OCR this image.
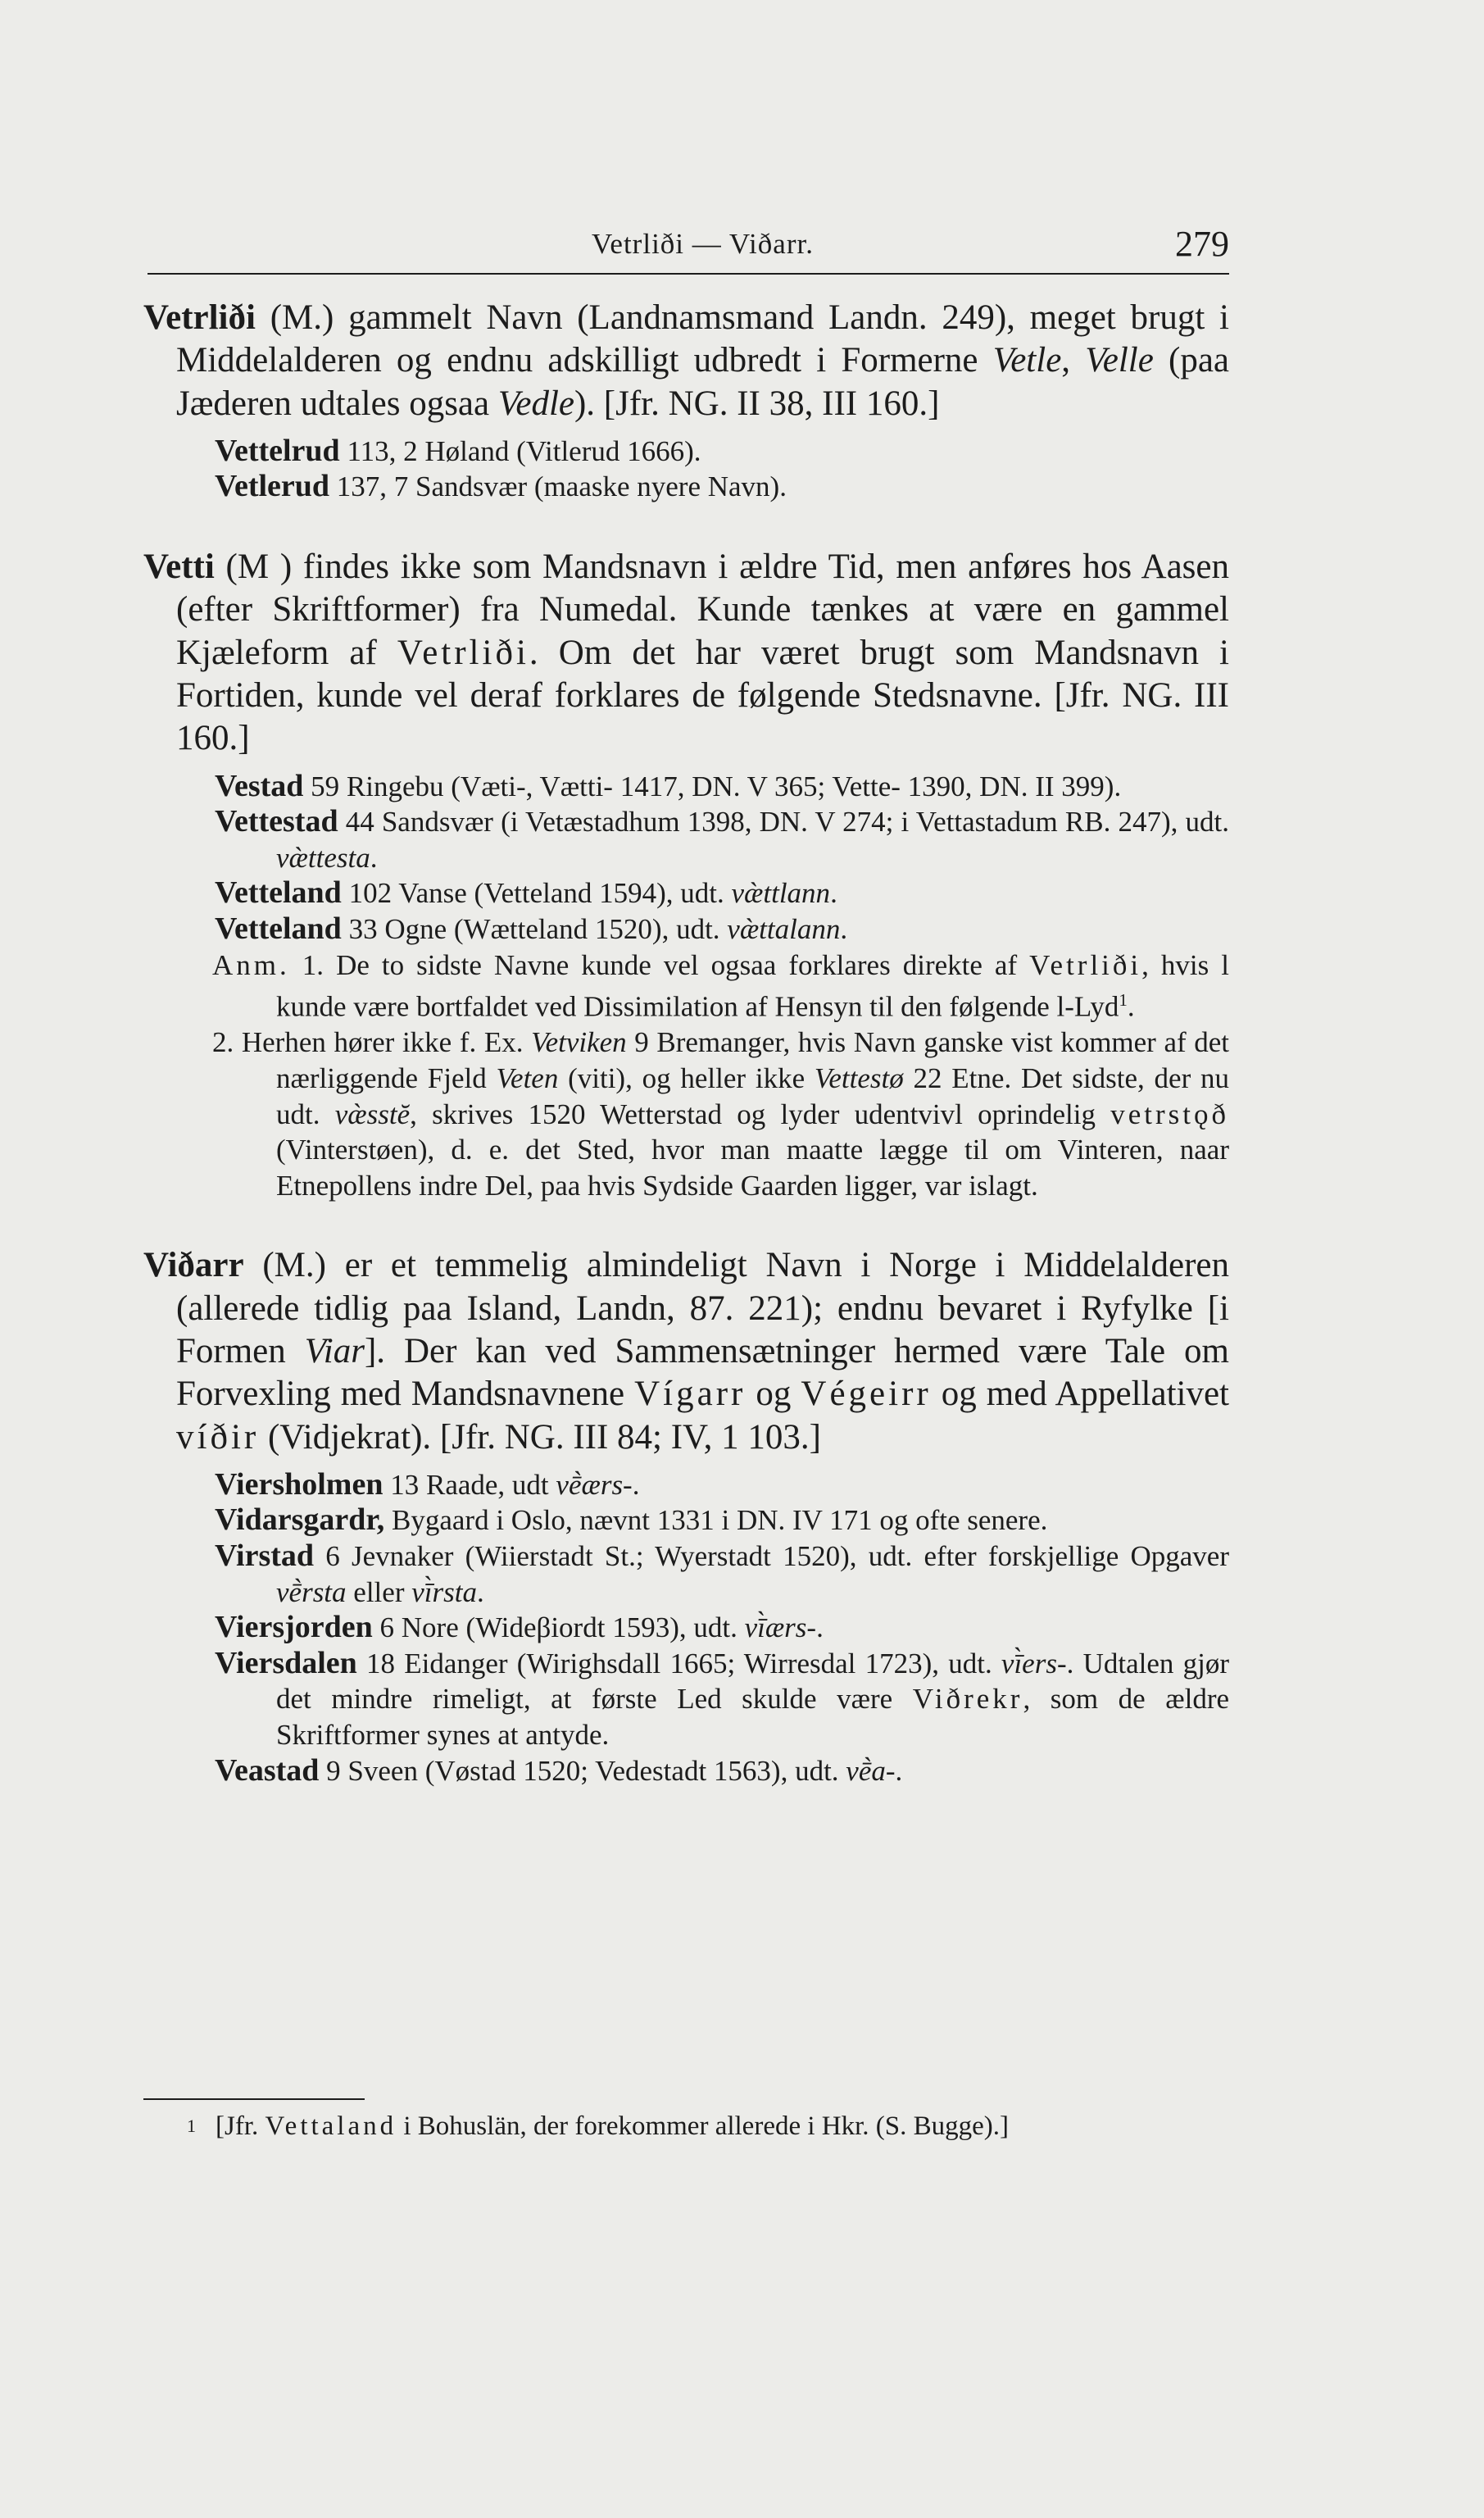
Vetrliði — Viðarr.	279

Vetrliði (M.) gammelt Navn (Landnamsmand Landn. 249), meget brugt i Middelalderen og endnu adskilligt udbredt i Formerne Vetle, Velle (paa Jæderen udtales ogsaa Vedle). [Jfr. NG. II 38, III 160.]

Vettelrud 113, 2 Høland (Vitlerud 1666).

Vetlerud 137, 7 Sandsvær (maaske nyere Navn).

Vetti (M ) findes ikke som Mandsnavn i ældre Tid, men anføres hos Aasen (efter Skriftformer) fra Numedal. Kunde tænkes at være en gammel Kjæleform af Vetrliði. Om det har været brugt som Mandsnavn i Fortiden, kunde vel deraf forklares de følgende Stedsnavne. [Jfr. NG. III 160.]

Vestad 59 Ringebu (Væti-, Vætti- 1417, DN. V 365; Vette- 1390, DN. II 399).

Vettestad 44 Sandsvær (i Vetæstadhum 1398, DN. V 274; i Vettastadum RB. 247), udt. væ̀ttesta.

Vetteland 102 Vanse (Vetteland 1594), udt. væ̀ttlann.

Vetteland 33 Ogne (Wætteland 1520), udt. væ̀ttalann.

Anm. 1. De to sidste Navne kunde vel ogsaa forklares direkte af Vetrliði, hvis l kunde være bortfaldet ved Dissimilation af Hensyn til den følgende l-Lyd$^1$.

2. Herhen hører ikke f. Ex. Vetviken 9 Bremanger, hvis Navn ganske vist kommer af det nærliggende Fjeld Veten (viti), og heller ikke Vettestø 22 Etne. Det sidste, der nu udt. væ̀sstĕ, skrives 1520 Wetterstad og lyder udentvivl oprindelig vetrstǫð (Vinterstøen), d. e. det Sted, hvor man maatte lægge til om Vinteren, naar Etnepollens indre Del, paa hvis Sydside Gaarden ligger, var islagt.

Viðarr (M.) er et temmelig almindeligt Navn i Norge i Middelalderen (allerede tidlig paa Island, Landn, 87. 221); endnu bevaret i Ryfylke [i Formen Viar]. Der kan ved Sammensætninger hermed være Tale om Forvexling med Mandsnavnene Vígarr og Végeirr og med Appellativet víðir (Vidjekrat). [Jfr. NG. III 84; IV, 1 103.]

Viersholmen 13 Raade, udt vḕærs-.

Vidarsgardr, Bygaard i Oslo, nævnt 1331 i DN. IV 171 og ofte senere.

Virstad 6 Jevnaker (Wiierstadt St.; Wyerstadt 1520), udt. efter forskjellige Opgaver vḕrsta eller vī̀rsta.

Viersjorden 6 Nore (Wideβiordt 1593), udt. vī̀ærs-.

Viersdalen 18 Eidanger (Wirighsdall 1665; Wirresdal 1723), udt. vī̀ers-. Udtalen gjør det mindre rimeligt, at første Led skulde være Viðrekr, som de ældre Skriftformer synes at antyde.

Veastad 9 Sveen (Vøstad 1520; Vedestadt 1563), udt. vḕa-.

$^1$ [Jfr. Vettaland i Bohuslän, der forekommer allerede i Hkr. (S. Bugge).]
